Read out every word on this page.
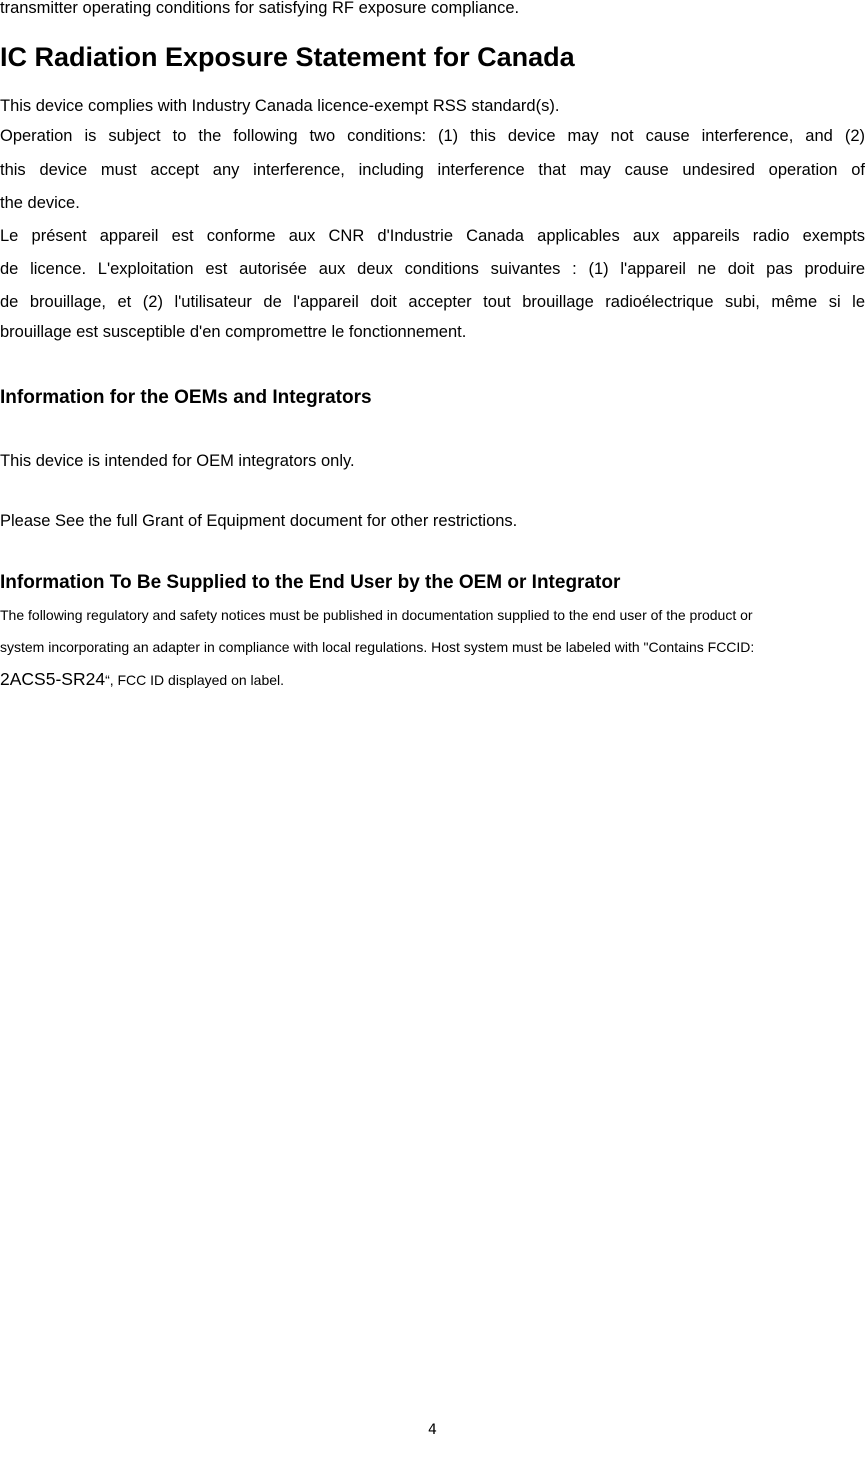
transmitter operating conditions for satisfying RF exposure compliance.
IC Radiation Exposure Statement for Canada
This device complies with Industry Canada licence-exempt RSS standard(s).
Operation is subject to the following two conditions: (1) this device may not cause interference, and (2)
this device must accept any interference, including interference that may cause undesired operation of
the device.
Le présent appareil est conforme aux CNR d'Industrie Canada applicables aux appareils radio exempts
de licence. L'exploitation est autorisée aux deux conditions suivantes : (1) l'appareil ne doit pas produire
de brouillage, et (2) l'utilisateur de l'appareil doit accepter tout brouillage radioélectrique subi, même si le
brouillage est susceptible d'en compromettre le fonctionnement.
Information for the OEMs and Integrators
This device is intended for OEM integrators only.
Please See the full Grant of Equipment document for other restrictions.
Information To Be Supplied to the End User by the OEM or Integrator
The following regulatory and safety notices must be published in documentation supplied to the end user of the product or
system incorporating an adapter in compliance with local regulations. Host system must be labeled with "Contains FCCID:
2ACS5-SR24“, FCC ID displayed on label.
4
